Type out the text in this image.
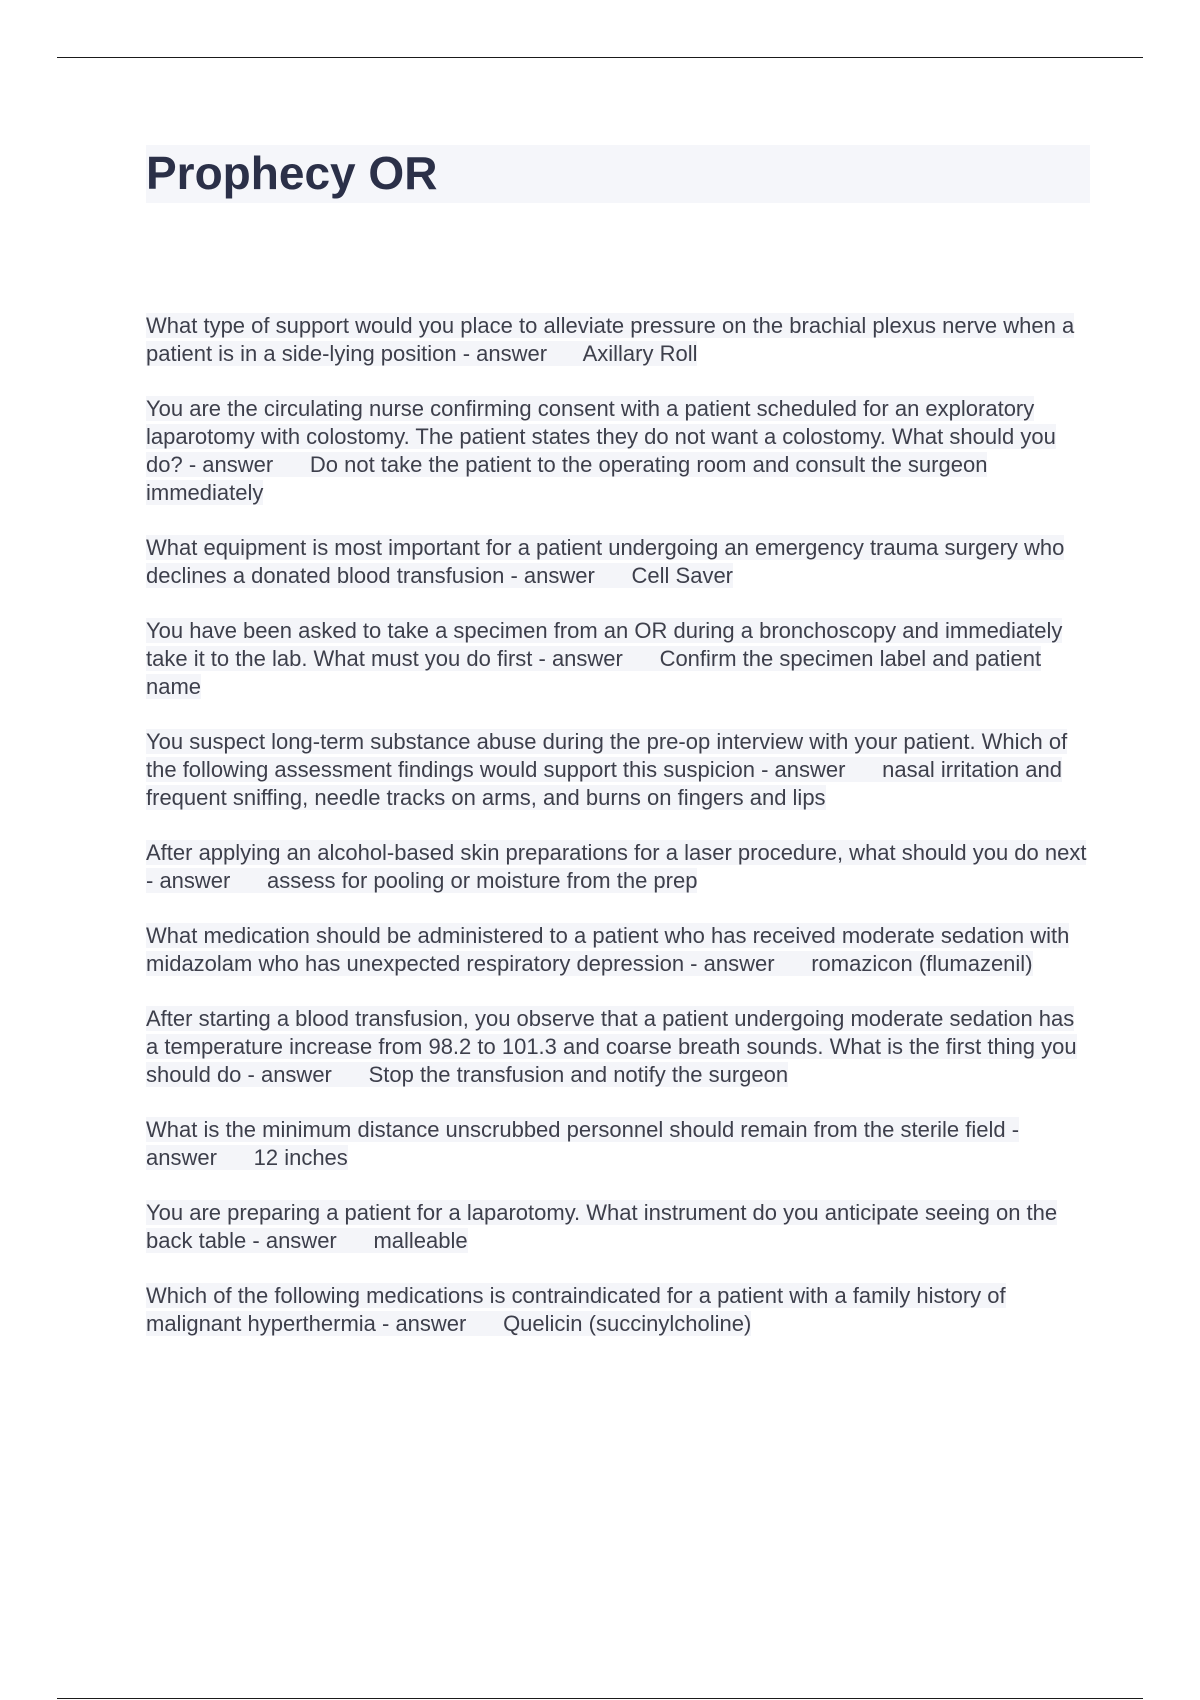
Prophecy OR
What type of support would you place to alleviate pressure on the brachial plexus nerve when a patient is in a side-lying position - answer Axillary Roll
You are the circulating nurse confirming consent with a patient scheduled for an exploratory laparotomy with colostomy. The patient states they do not want a colostomy. What should you do? - answer Do not take the patient to the operating room and consult the surgeon immediately
What equipment is most important for a patient undergoing an emergency trauma surgery who declines a donated blood transfusion - answer Cell Saver
You have been asked to take a specimen from an OR during a bronchoscopy and immediately take it to the lab. What must you do first - answer Confirm the specimen label and patient name
You suspect long-term substance abuse during the pre-op interview with your patient. Which of the following assessment findings would support this suspicion - answer nasal irritation and frequent sniffing, needle tracks on arms, and burns on fingers and lips
After applying an alcohol-based skin preparations for a laser procedure, what should you do next - answer assess for pooling or moisture from the prep
What medication should be administered to a patient who has received moderate sedation with midazolam who has unexpected respiratory depression - answer romazicon (flumazenil)
After starting a blood transfusion, you observe that a patient undergoing moderate sedation has a temperature increase from 98.2 to 101.3 and coarse breath sounds. What is the first thing you should do - answer Stop the transfusion and notify the surgeon
What is the minimum distance unscrubbed personnel should remain from the sterile field - answer 12 inches
You are preparing a patient for a laparotomy. What instrument do you anticipate seeing on the back table - answer malleable
Which of the following medications is contraindicated for a patient with a family history of malignant hyperthermia - answer Quelicin (succinylcholine)
